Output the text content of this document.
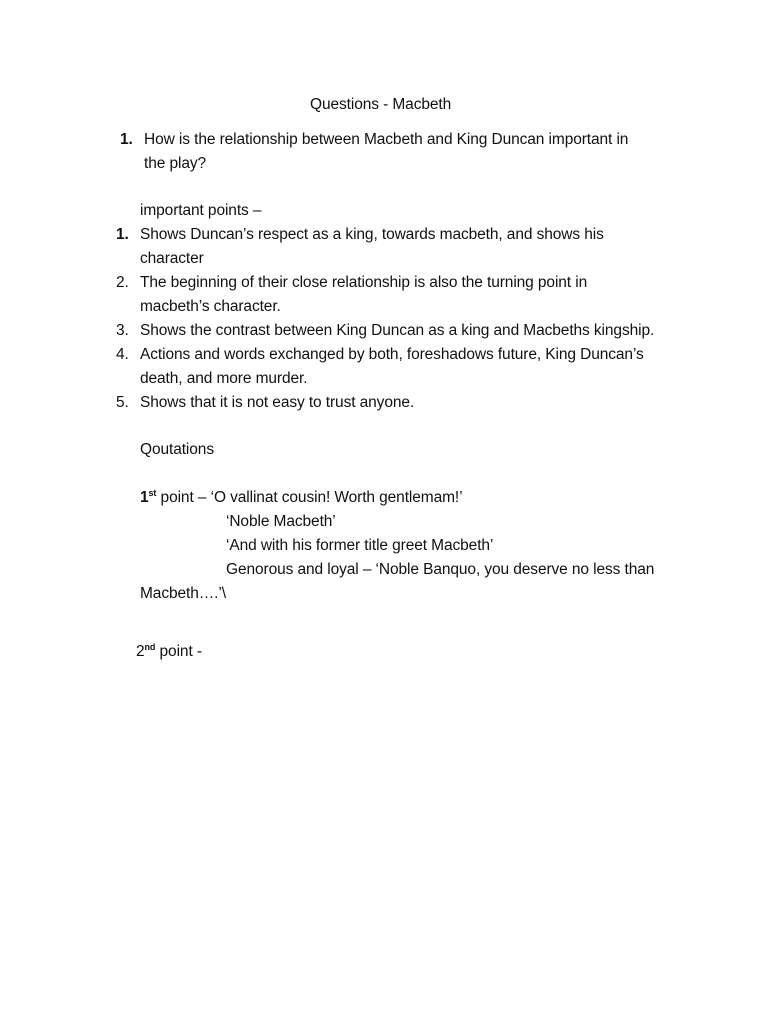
Questions - Macbeth
1. How is the relationship between Macbeth and King Duncan important in
the play?
important points –
1. Shows Duncan’s respect as a king, towards macbeth, and shows his
character
2. The beginning of their close relationship is also the turning point in
macbeth’s character.
3. Shows the contrast between King Duncan as a king and Macbeths kingship.
4. Actions and words exchanged by both, foreshadows future, King Duncan’s
death, and more murder.
5. Shows that it is not easy to trust anyone.
Qoutations
1st point – ‘O vallinat cousin! Worth gentlemam!’
‘Noble Macbeth’
‘And with his former title greet Macbeth’
Genorous and loyal – ‘Noble Banquo, you deserve no less than
Macbeth….’\
2nd point -
